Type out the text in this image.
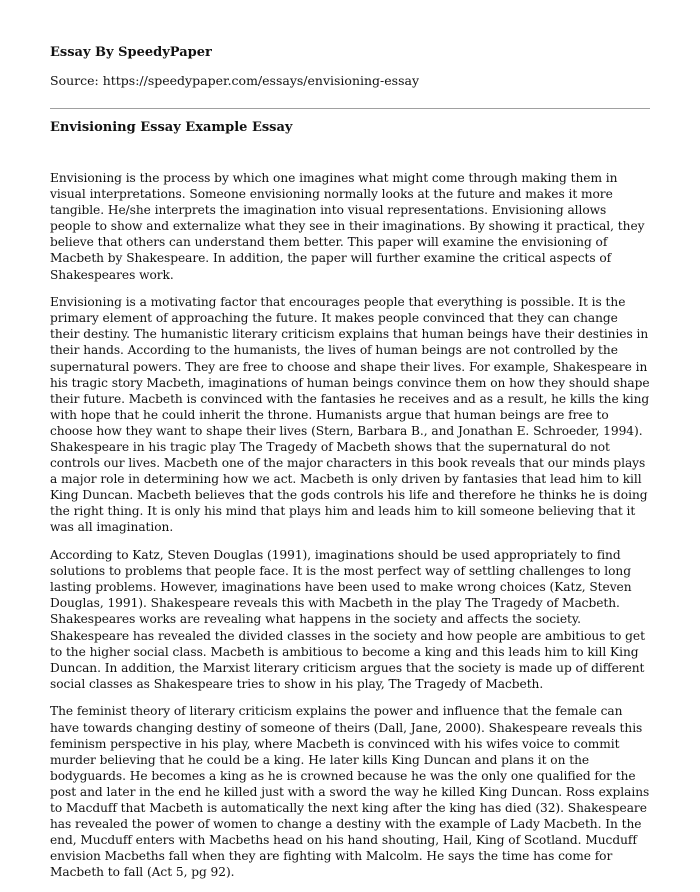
Essay By SpeedyPaper

Source: https://speedypaper.com/essays/envisioning-essay

Envisioning Essay Example Essay

Envisioning is the process by which one imagines what might come through making them in visual interpretations. Someone envisioning normally looks at the future and makes it more tangible. He/she interprets the imagination into visual representations. Envisioning allows people to show and externalize what they see in their imaginations. By showing it practical, they believe that others can understand them better. This paper will examine the envisioning of Macbeth by Shakespeare. In addition, the paper will further examine the critical aspects of Shakespeares work.

Envisioning is a motivating factor that encourages people that everything is possible. It is the primary element of approaching the future. It makes people convinced that they can change their destiny. The humanistic literary criticism explains that human beings have their destinies in their hands. According to the humanists, the lives of human beings are not controlled by the supernatural powers. They are free to choose and shape their lives. For example, Shakespeare in his tragic story Macbeth, imaginations of human beings convince them on how they should shape their future. Macbeth is convinced with the fantasies he receives and as a result, he kills the king with hope that he could inherit the throne. Humanists argue that human beings are free to choose how they want to shape their lives (Stern, Barbara B., and Jonathan E. Schroeder, 1994). Shakespeare in his tragic play The Tragedy of Macbeth shows that the supernatural do not controls our lives. Macbeth one of the major characters in this book reveals that our minds plays a major role in determining how we act. Macbeth is only driven by fantasies that lead him to kill King Duncan. Macbeth believes that the gods controls his life and therefore he thinks he is doing the right thing. It is only his mind that plays him and leads him to kill someone believing that it was all imagination.

According to Katz, Steven Douglas (1991), imaginations should be used appropriately to find solutions to problems that people face. It is the most perfect way of settling challenges to long lasting problems. However, imaginations have been used to make wrong choices (Katz, Steven Douglas, 1991). Shakespeare reveals this with Macbeth in the play The Tragedy of Macbeth. Shakespeares works are revealing what happens in the society and affects the society. Shakespeare has revealed the divided classes in the society and how people are ambitious to get to the higher social class. Macbeth is ambitious to become a king and this leads him to kill King Duncan. In addition, the Marxist literary criticism argues that the society is made up of different social classes as Shakespeare tries to show in his play, The Tragedy of Macbeth.

The feminist theory of literary criticism explains the power and influence that the female can have towards changing destiny of someone of theirs (Dall, Jane, 2000). Shakespeare reveals this feminism perspective in his play, where Macbeth is convinced with his wifes voice to commit murder believing that he could be a king. He later kills King Duncan and plans it on the bodyguards. He becomes a king as he is crowned because he was the only one qualified for the post and later in the end he killed just with a sword the way he killed King Duncan. Ross explains to Macduff that Macbeth is automatically the next king after the king has died (32). Shakespeare has revealed the power of women to change a destiny with the example of Lady Macbeth. In the end, Mucduff enters with Macbeths head on his hand shouting, Hail, King of Scotland. Mucduff envision Macbeths fall when they are fighting with Malcolm. He says the time has come for Macbeth to fall (Act 5, pg 92).
